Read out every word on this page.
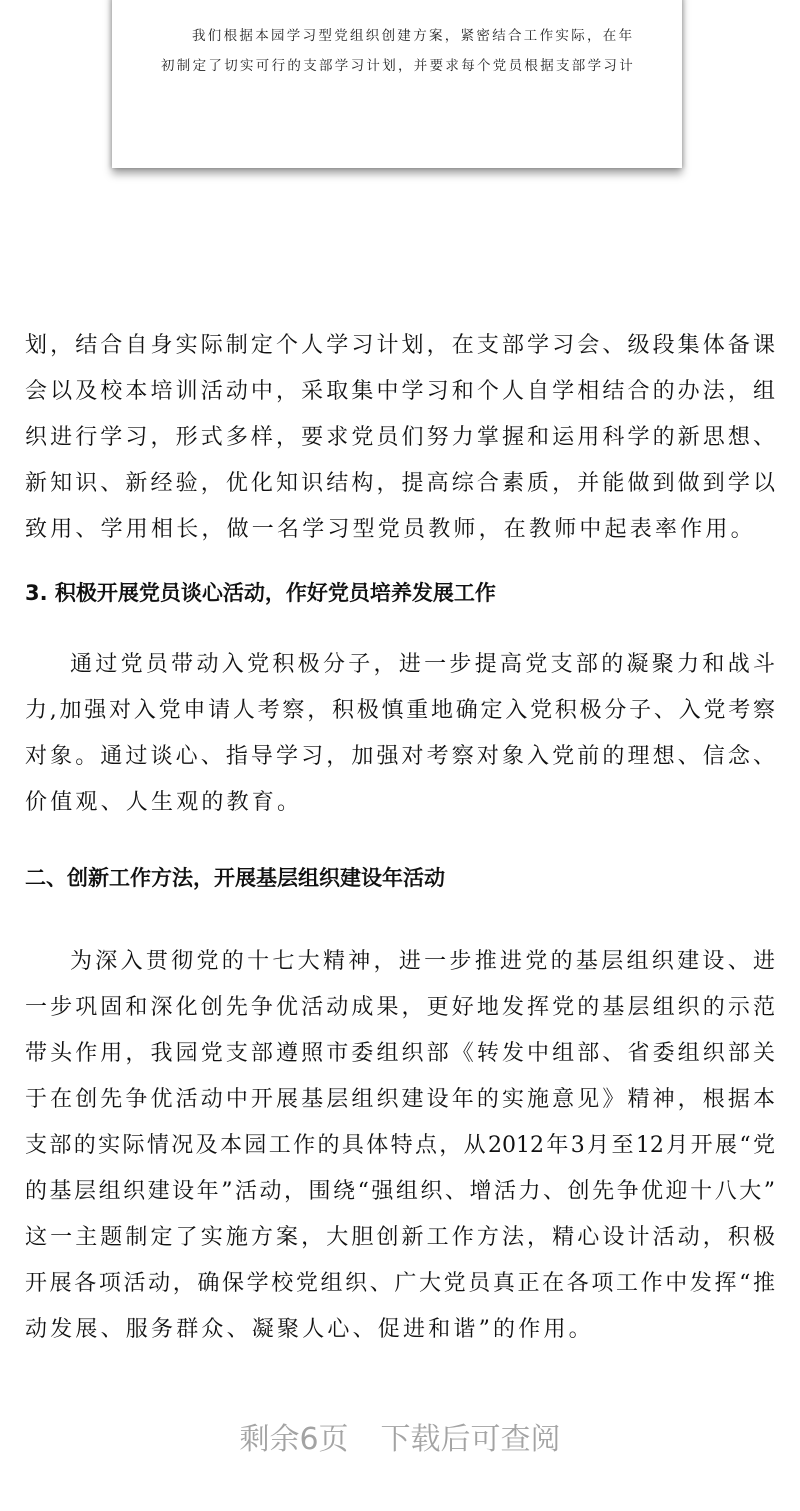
我们根据本园学习型党组织创建方案，紧密结合工作实际，在年
初制定了切实可行的支部学习计划，并要求每个党员根据支部学习计
划，结合自身实际制定个人学习计划，在支部学习会、级段集体备课
会以及校本培训活动中，采取集中学习和个人自学相结合的办法，组
织进行学习，形式多样，要求党员们努力掌握和运用科学的新思想、
新知识、新经验，优化知识结构，提高综合素质，并能做到做到学以
致用、学用相长，做一名学习型党员教师，在教师中起表率作用。
3. 积极开展党员谈心活动，作好党员培养发展工作
通过党员带动入党积极分子，进一步提高党支部的凝聚力和战斗
力,加强对入党申请人考察，积极慎重地确定入党积极分子、入党考察
对象。通过谈心、指导学习，加强对考察对象入党前的理想、信念、
价值观、人生观的教育。
二、创新工作方法，开展基层组织建设年活动
为深入贯彻党的十七大精神，进一步推进党的基层组织建设、进
一步巩固和深化创先争优活动成果，更好地发挥党的基层组织的示范
带头作用，我园党支部遵照市委组织部《转发中组部、省委组织部关
于在创先争优活动中开展基层组织建设年的实施意见》精神，根据本
支部的实际情况及本园工作的具体特点，从2012年3月至12月开展“党
的基层组织建设年”活动，围绕“强组织、增活力、创先争优迎十八大”
这一主题制定了实施方案，大胆创新工作方法，精心设计活动，积极
开展各项活动，确保学校党组织、广大党员真正在各项工作中发挥“推
动发展、服务群众、凝聚人心、促进和谐”的作用。
剩余6页 下载后可查阅
